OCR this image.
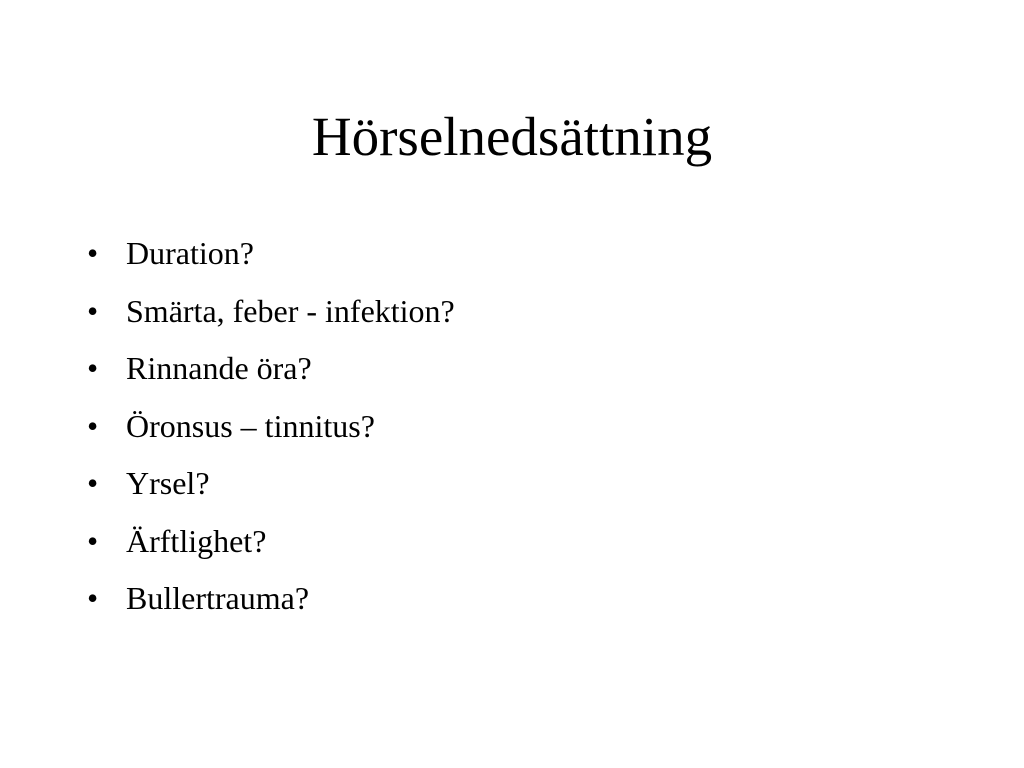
Hörselnedsättning
• Duration?
• Smärta, feber - infektion?
• Rinnande öra?
• Öronsus – tinnitus?
• Yrsel?
• Ärftlighet?
• Bullertrauma?
